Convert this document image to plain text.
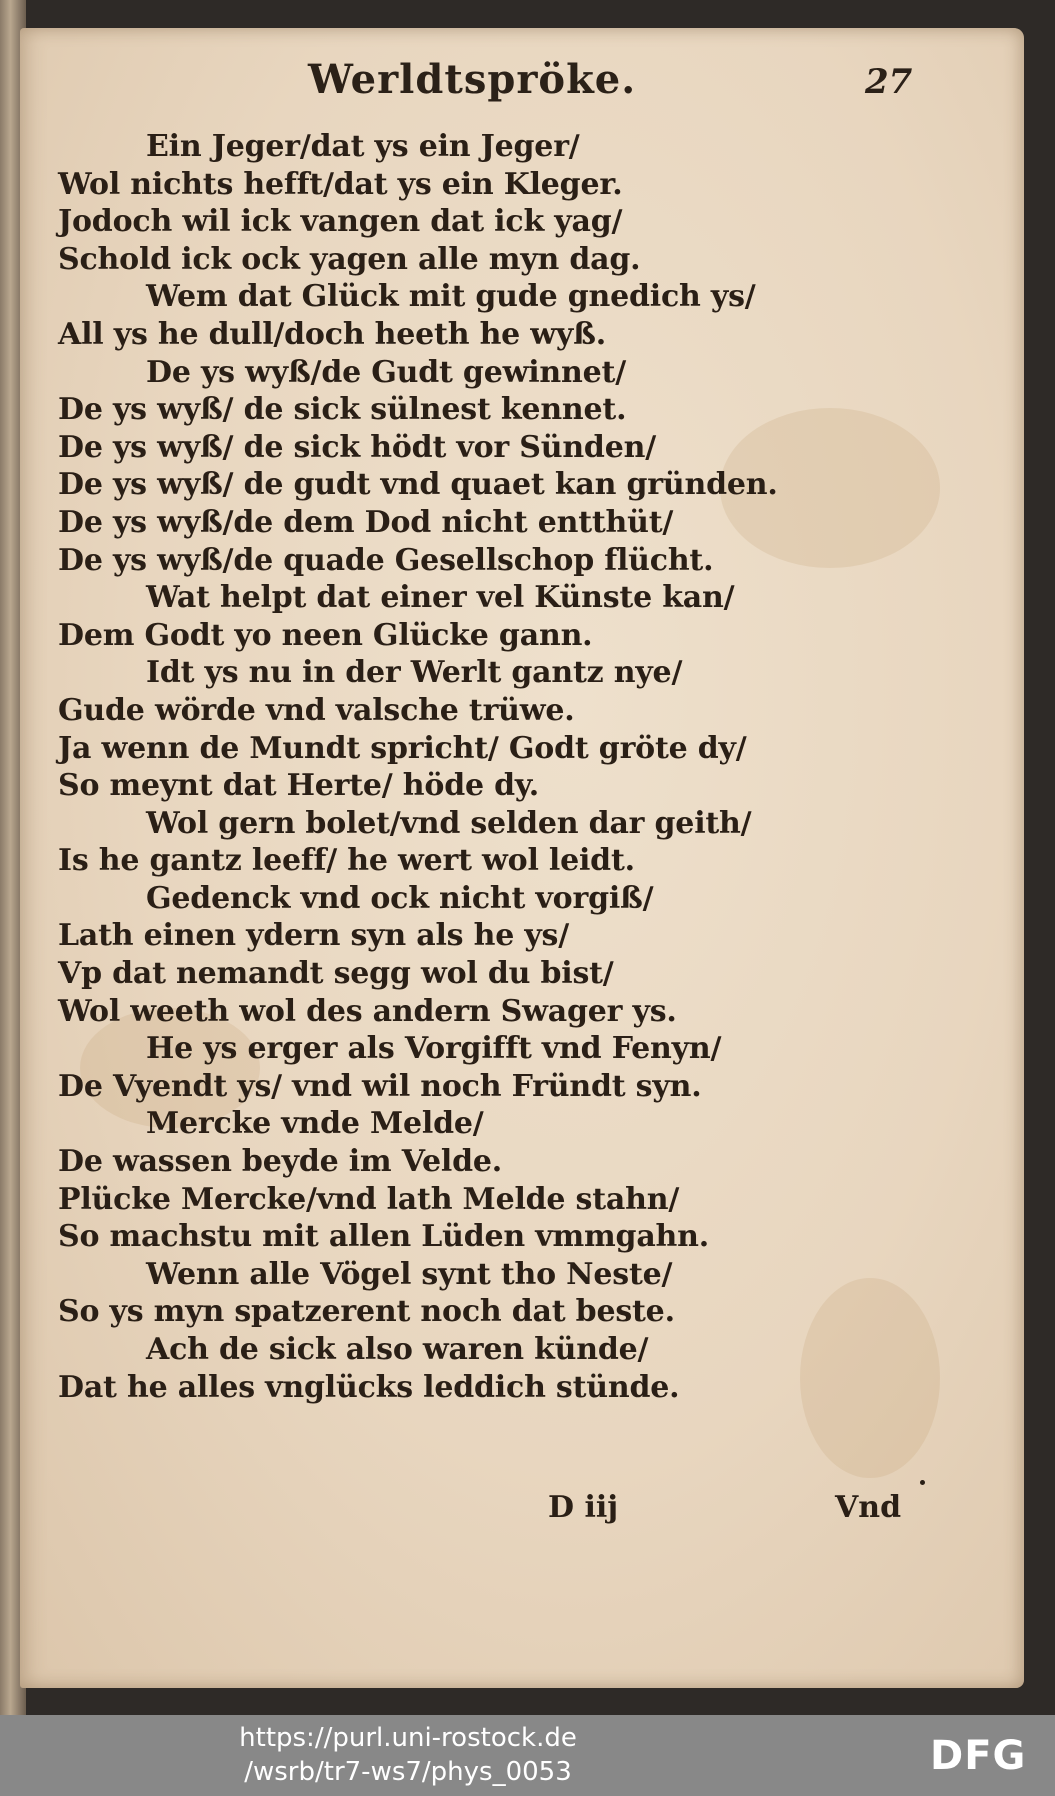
Werldtspröke.	27
Ein Jeger/dat ys ein Jeger/
Wol nichts hefft/dat ys ein Kleger.
Jodoch wil ick vangen dat ick yag/
Schold ick ock yagen alle myn dag.
Wem dat Glück mit gude gnedich ys/
All ys he dull/doch heeth he wyß.
De ys wyß/de Gudt gewinnet/
De ys wyß/ de sick sülnest kennet.
De ys wyß/ de sick hödt vor Sünden/
De ys wyß/ de gudt vnd quaet kan gründen.
De ys wyß/de dem Dod nicht entthüt/
De ys wyß/de quade Gesellschop flücht.
Wat helpt dat einer vel Künste kan/
Dem Godt yo neen Glücke gann.
Idt ys nu in der Werlt gantz nye/
Gude wörde vnd valsche trüwe.
Ja wenn de Mundt spricht/ Godt gröte dy/
So meynt dat Herte/ höde dy.
Wol gern bolet/vnd selden dar geith/
Is he gantz leeff/ he wert wol leidt.
Gedenck vnd ock nicht vorgiß/
Lath einen ydern syn als he ys/
Vp dat nemandt segg wol du bist/
Wol weeth wol des andern Swager ys.
He ys erger als Vorgifft vnd Fenyn/
De Vyendt ys/ vnd wil noch Fründt syn.
Mercke vnde Melde/
De wassen beyde im Velde.
Plücke Mercke/vnd lath Melde stahn/
So machstu mit allen Lüden vmmgahn.
Wenn alle Vögel synt tho Neste/
So ys myn spatzerent noch dat beste.
Ach de sick also waren künde/
Dat he alles vnglücks leddich stünde.
D iij	Vnd
https://purl.uni-rostock.de
/wsrb/tr7-ws7/phys_0053	DFG
